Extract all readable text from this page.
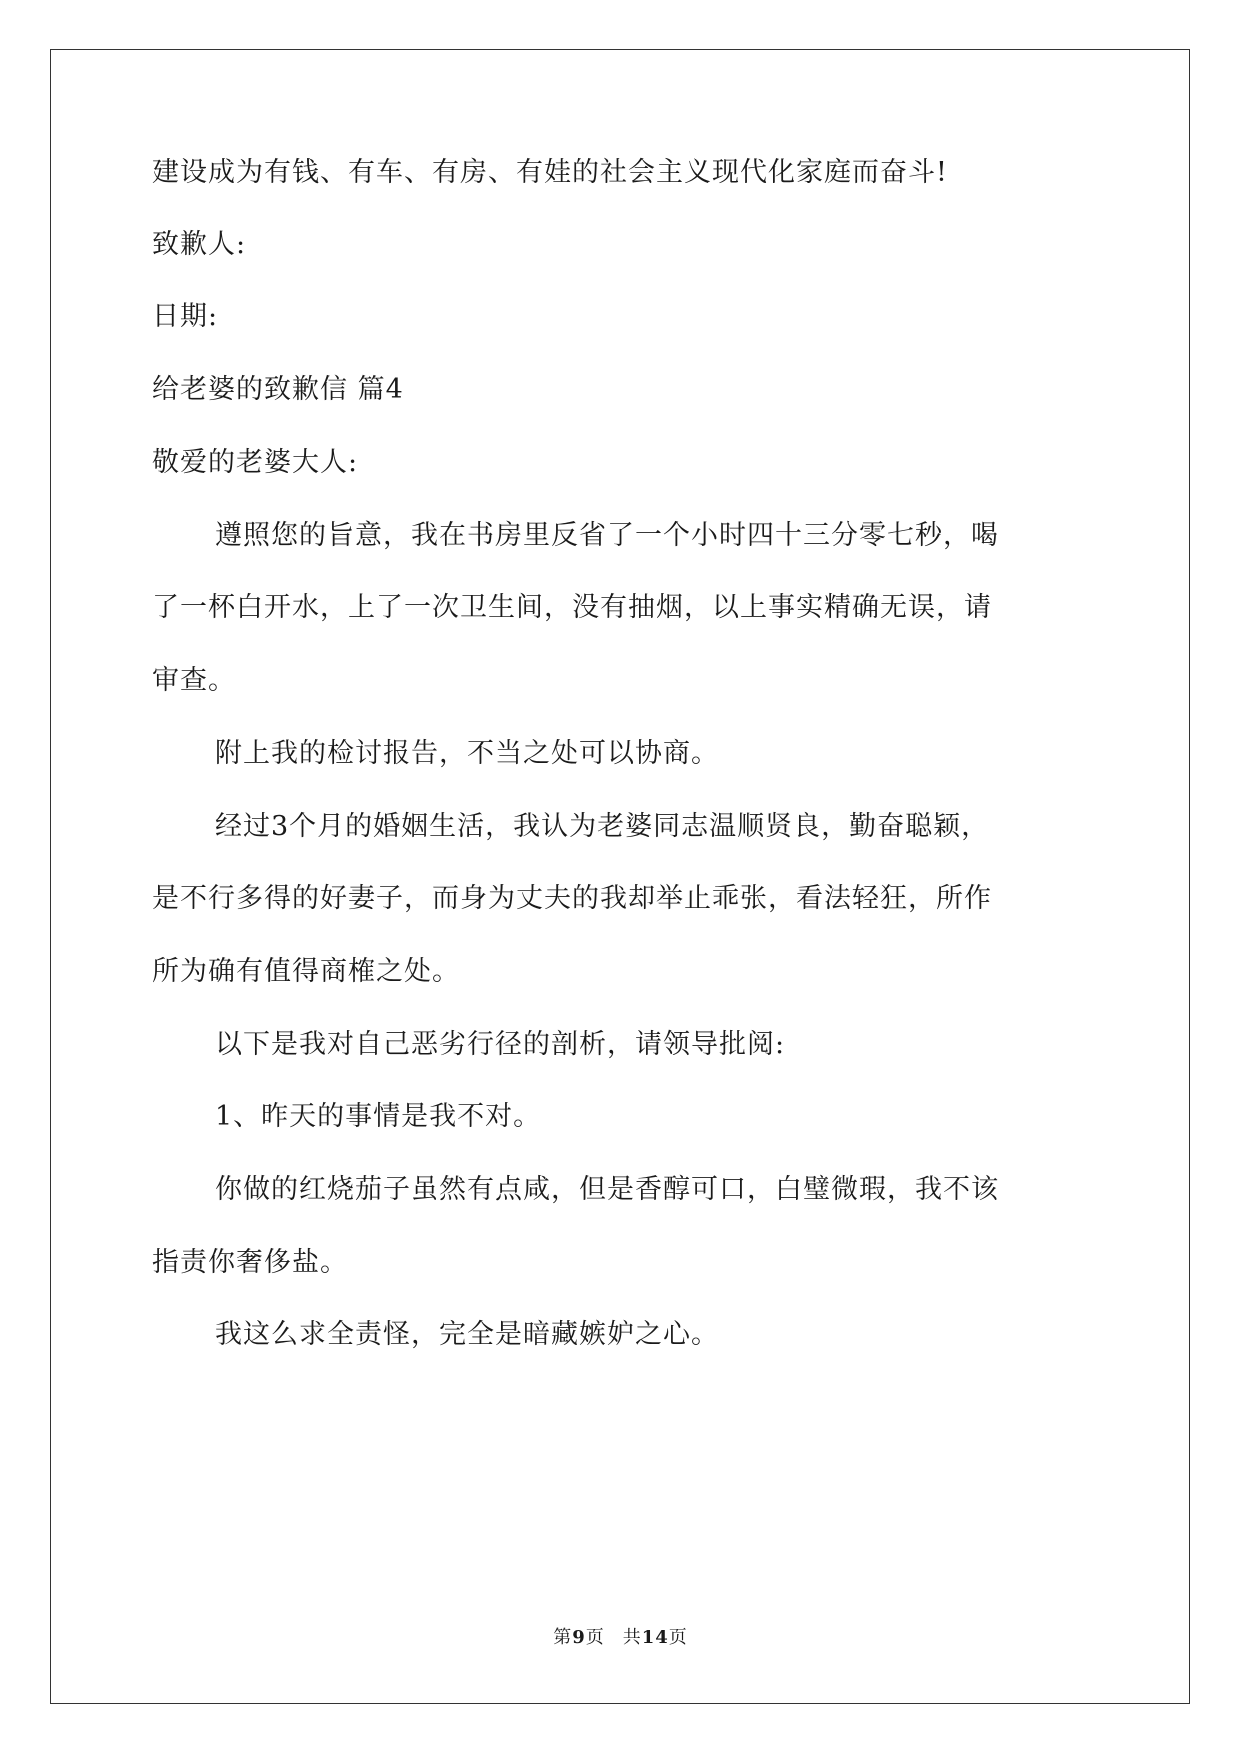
建设成为有钱、有车、有房、有娃的社会主义现代化家庭而奋斗!
致歉人:
日期:
给老婆的致歉信 篇4
敬爱的老婆大人:
遵照您的旨意，我在书房里反省了一个小时四十三分零七秒，喝
了一杯白开水，上了一次卫生间，没有抽烟，以上事实精确无误，请
审查。
附上我的检讨报告，不当之处可以协商。
经过3个月的婚姻生活，我认为老婆同志温顺贤良，勤奋聪颖，
是不行多得的好妻子，而身为丈夫的我却举止乖张，看法轻狂，所作
所为确有值得商榷之处。
以下是我对自己恶劣行径的剖析，请领导批阅:
1、昨天的事情是我不对。
你做的红烧茄子虽然有点咸，但是香醇可口，白璧微瑕，我不该
指责你奢侈盐。
我这么求全责怪，完全是暗藏嫉妒之心。
第9页 共14页
